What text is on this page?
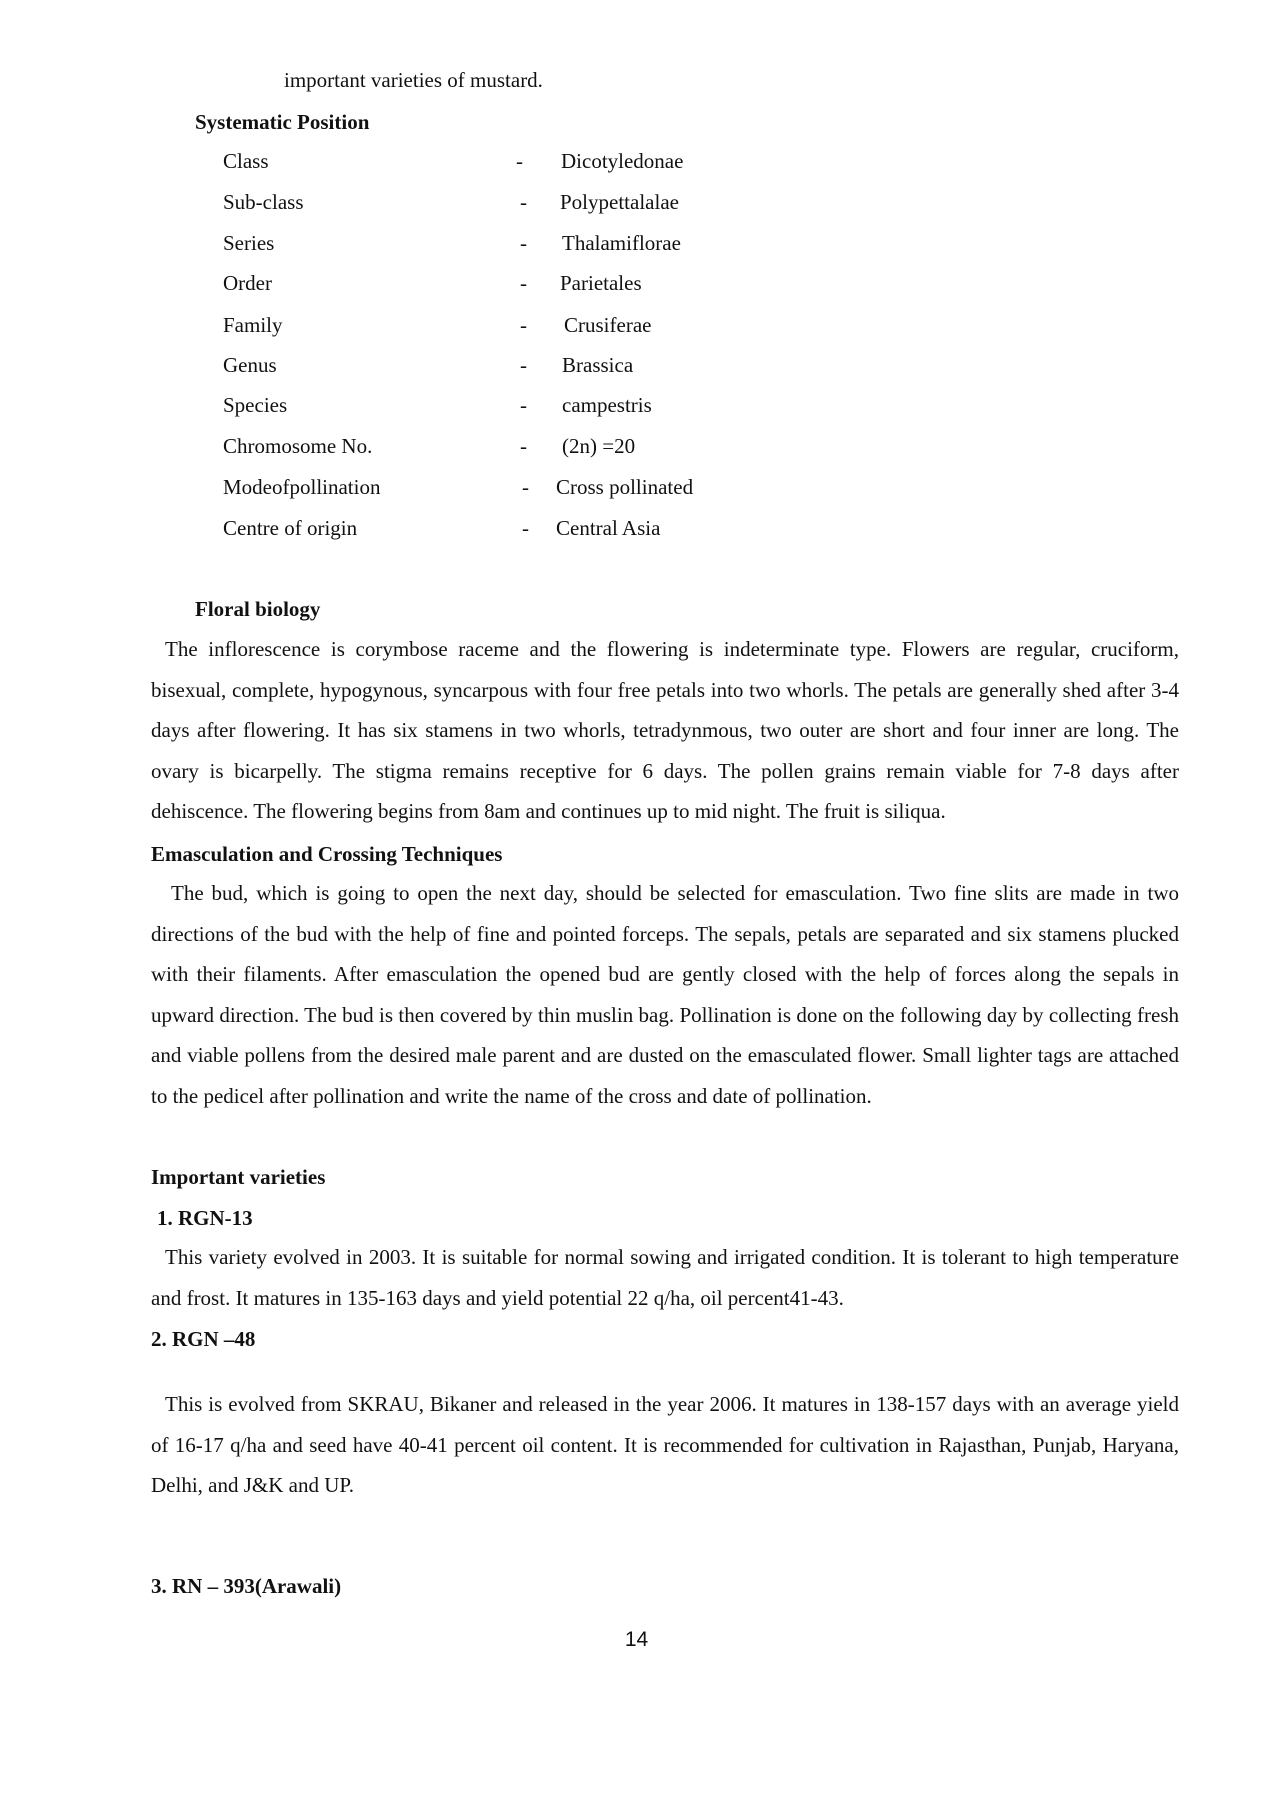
important varieties of mustard.
Systematic Position
Class	- Dicotyledonae
Sub-class	- Polypettalalae
Series	- Thalamiflorae
Order	- Parietales
Family	- Crusiferae
Genus	- Brassica
Species	- campestris
Chromosome No.	- (2n) =20
Modeofpollination	- Cross pollinated
Centre of origin	- Central Asia
Floral biology
The inflorescence is corymbose raceme and the flowering is indeterminate type. Flowers are regular, cruciform, bisexual, complete, hypogynous, syncarpous with four free petals into two whorls. The petals are generally shed after 3-4 days after flowering. It has six stamens in two whorls, tetradynmous, two outer are short and four inner are long. The ovary is bicarpelly. The stigma remains receptive for 6 days. The pollen grains remain viable for 7-8 days after dehiscence. The flowering begins from 8am and continues up to mid night. The fruit is siliqua.
Emasculation and Crossing Techniques
The bud, which is going to open the next day, should be selected for emasculation. Two fine slits are made in two directions of the bud with the help of fine and pointed forceps. The sepals, petals are separated and six stamens plucked with their filaments. After emasculation the opened bud are gently closed with the help of forces along the sepals in upward direction. The bud is then covered by thin muslin bag. Pollination is done on the following day by collecting fresh and viable pollens from the desired male parent and are dusted on the emasculated flower. Small lighter tags are attached to the pedicel after pollination and write the name of the cross and date of pollination.
Important varieties
1. RGN-13
This variety evolved in 2003. It is suitable for normal sowing and irrigated condition. It is tolerant to high temperature and frost. It matures in 135-163 days and yield potential 22 q/ha, oil percent41-43.
2. RGN –48
This is evolved from SKRAU, Bikaner and released in the year 2006. It matures in 138-157 days with an average yield of 16-17 q/ha and seed have 40-41 percent oil content. It is recommended for cultivation in Rajasthan, Punjab, Haryana, Delhi, and J&K and UP.
3. RN – 393(Arawali)
14
